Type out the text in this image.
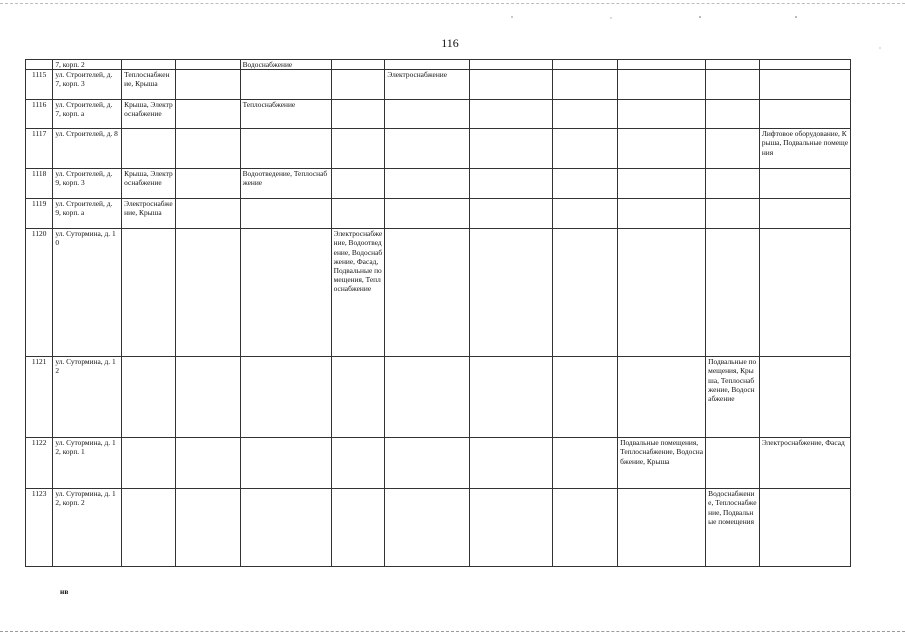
116
	7, корп. 2			Водоснабжение							
1115	ул. Строителей, д. 7, корп. 3	Теплоснабжение, Крыша				Электроснабжение					
1116	ул. Строителей, д. 7, корп. а	Крыша, Электроснабжение		Теплоснабжение							
1117	ул. Строителей, д. 8										Лифтовое оборудование, Крыша, Подвальные помещения
1118	ул. Строителей, д. 9, корп. 3	Крыша, Электроснабжение		Водоотведение, Теплоснабжение							
1119	ул. Строителей, д. 9, корп. а	Электроснабжение, Крыша									
1120	ул. Сутормина, д. 10				Электроснабжение, Водоотведение, Водоснабжение, Фасад, Подвальные помещения, Теплоснабжение						
1121	ул. Сутормина, д. 12									Подвальные помещения, Крыша, Теплоснабжение, Водоснабжение	
1122	ул. Сутормина, д. 12, корп. 1								Подвальные помещения, Теплоснабжение, Водоснабжение, Крыша		Электроснабжение, Фасад
1123	ул. Сутормина, д. 12, корп. 2									Водоснабжение, Теплоснабжение, Подвальные помещения	
нв
